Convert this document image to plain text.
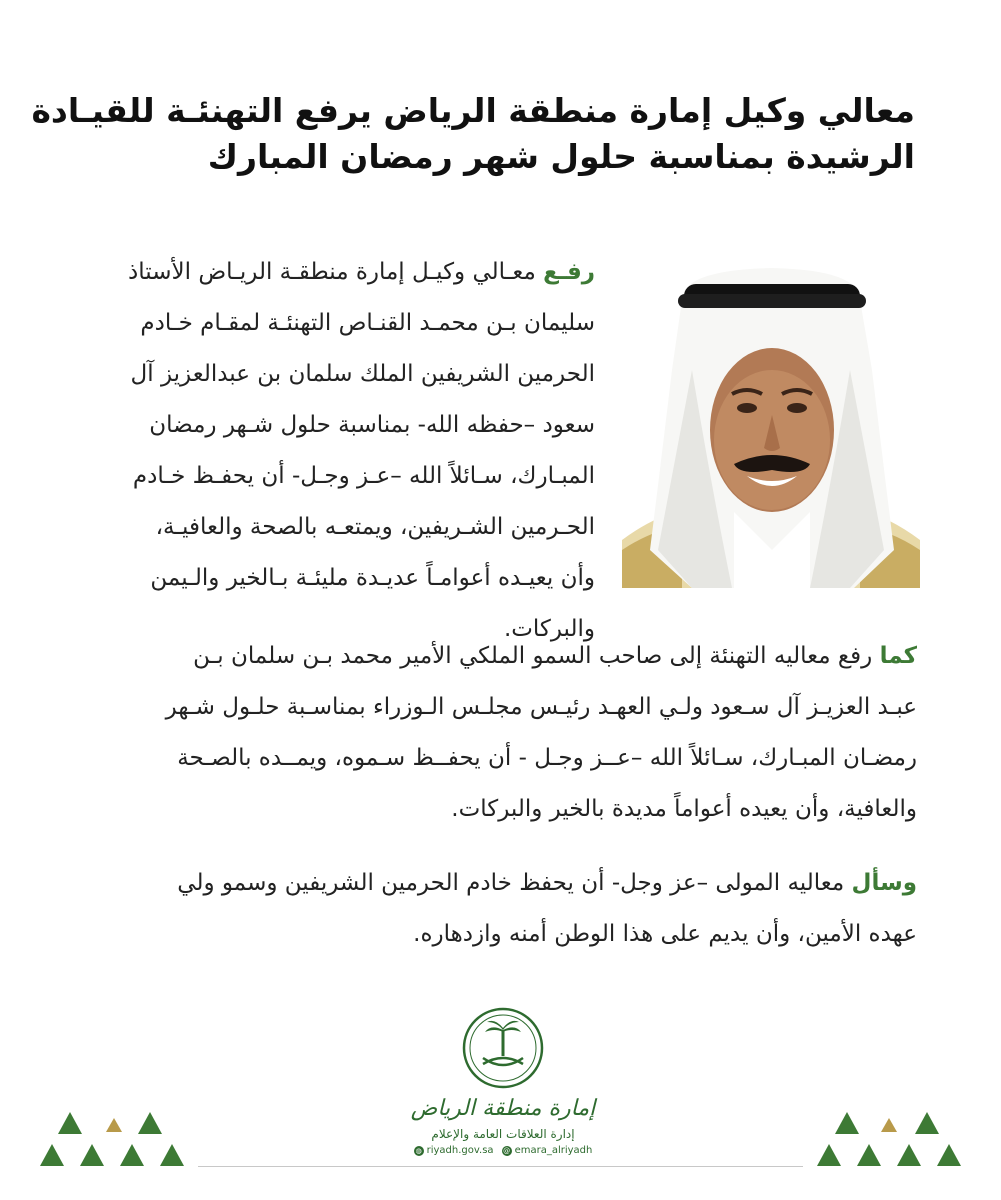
معالي وكيل إمارة منطقة الرياض يرفع التهنئـة للقيـادة
الرشيدة بمناسبة حلول شهر رمضان المبارك
رفـع معـالي وكيـل إمارة منطقـة الريـاض الأستاذ
سليمان بـن محمـد القنـاص التهنئـة لمقـام خـادم
الحرمين الشريفين الملك سلمان بن عبدالعزيز آل
سعود –حفظه الله- بمناسبة حلول شـهر رمضان
المبـارك، سـائلاً الله –عـز وجـل- أن يحفـظ خـادم
الحـرمين الشـريفين، ويمتعـه بالصحة والعافيـة،
وأن يعيـده أعوامـاً عديـدة مليئـة بـالخير والـيمن
والبركات.
كما رفع معاليه التهنئة إلى صاحب السمو الملكي الأمير محمد بـن سلمان بـن
عبـد العزيـز آل سـعود ولـي العهـد رئيـس مجلـس الـوزراء بمناسـبة حلـول شـهر
رمضـان المبـارك، سـائلاً الله –عــز وجـل - أن يحفــظ سـموه، ويمــده بالصـحة
والعافية، وأن يعيده أعواماً مديدة بالخير والبركات.
وسأل معاليه المولى –عز وجل- أن يحفظ خادم الحرمين الشريفين وسمو ولي
عهده الأمين، وأن يديم على هذا الوطن أمنه وازدهاره.
إمارة منطقة الرياض
إدارة العلاقات العامة والإعلام
◍ riyadh.gov.sa @ emara_alriyadh
